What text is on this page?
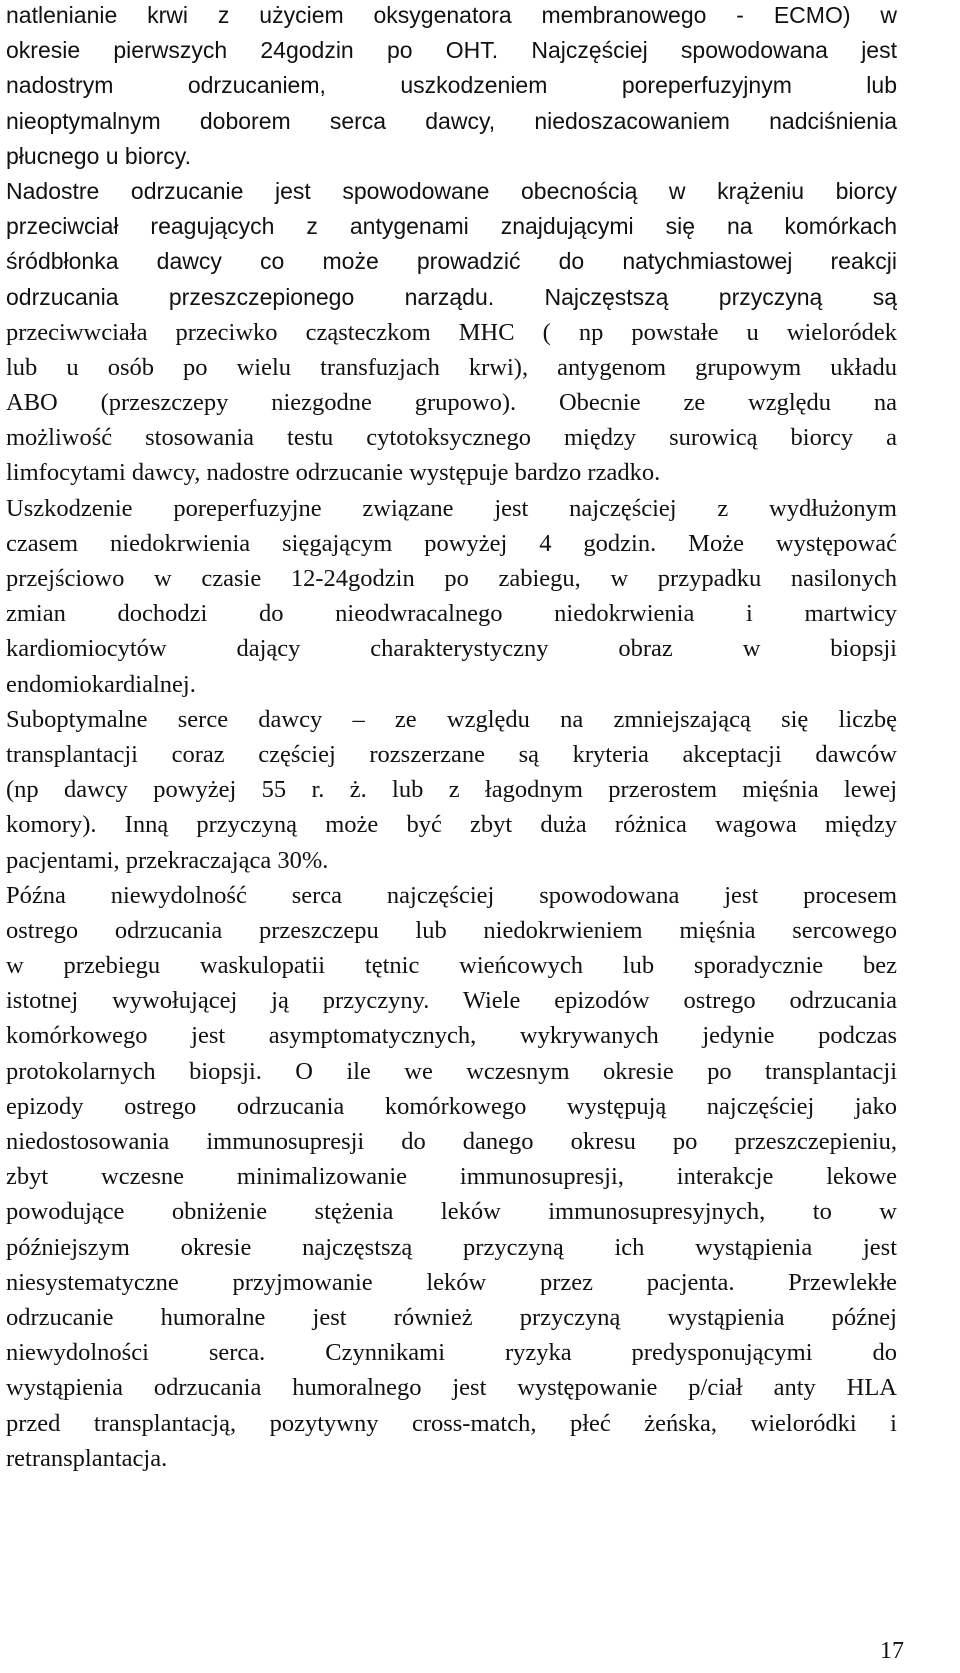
natlenianie krwi z użyciem oksygenatora membranowego - ECMO) w
okresie pierwszych 24godzin po OHT. Najczęściej spowodowana jest
nadostrym odrzucaniem, uszkodzeniem poreperfuzyjnym lub
nieoptymalnym doborem serca dawcy, niedoszacowaniem nadciśnienia
płucnego u biorcy.
Nadostre odrzucanie jest spowodowane obecnością w krążeniu biorcy
przeciwciał reagujących z antygenami znajdującymi się na komórkach
śródbłonka dawcy co może prowadzić do natychmiastowej reakcji
odrzucania przeszczepionego narządu. Najczęstszą przyczyną są
przeciwwciała przeciwko cząsteczkom MHC ( np powstałe u wieloródek
lub u osób po wielu transfuzjach krwi), antygenom grupowym układu
ABO (przeszczepy niezgodne grupowo). Obecnie ze względu na
możliwość stosowania testu cytotoksycznego między surowicą biorcy a
limfocytami dawcy, nadostre odrzucanie występuje bardzo rzadko.
Uszkodzenie poreperfuzyjne związane jest najczęściej z wydłużonym
czasem niedokrwienia sięgającym powyżej 4 godzin. Może występować
przejściowo w czasie 12-24godzin po zabiegu, w przypadku nasilonych
zmian dochodzi do nieodwracalnego niedokrwienia i martwicy
kardiomiocytów dający charakterystyczny obraz w biopsji
endomiokardialnej.
Suboptymalne serce dawcy – ze względu na zmniejszającą się liczbę
transplantacji coraz częściej rozszerzane są kryteria akceptacji dawców
(np dawcy powyżej 55 r. ż. lub z łagodnym przerostem mięśnia lewej
komory). Inną przyczyną może być zbyt duża różnica wagowa między
pacjentami, przekraczająca 30%.
Późna niewydolność serca najczęściej spowodowana jest procesem
ostrego odrzucania przeszczepu lub niedokrwieniem mięśnia sercowego
w przebiegu waskulopatii tętnic wieńcowych lub sporadycznie bez
istotnej wywołującej ją przyczyny. Wiele epizodów ostrego odrzucania
komórkowego jest asymptomatycznych, wykrywanych jedynie podczas
protokolarnych biopsji. O ile we wczesnym okresie po transplantacji
epizody ostrego odrzucania komórkowego występują najczęściej jako
niedostosowania immunosupresji do danego okresu po przeszczepieniu,
zbyt wczesne minimalizowanie immunosupresji, interakcje lekowe
powodujące obniżenie stężenia leków immunosupresyjnych, to w
późniejszym okresie najczęstszą przyczyną ich wystąpienia jest
niesystematyczne przyjmowanie leków przez pacjenta. Przewlekłe
odrzucanie humoralne jest również przyczyną wystąpienia późnej
niewydolności serca. Czynnikami ryzyka predysponującymi do
wystąpienia odrzucania humoralnego jest występowanie p/ciał anty HLA
przed transplantacją, pozytywny cross-match, płeć żeńska, wieloródki i
retransplantacja.
17
